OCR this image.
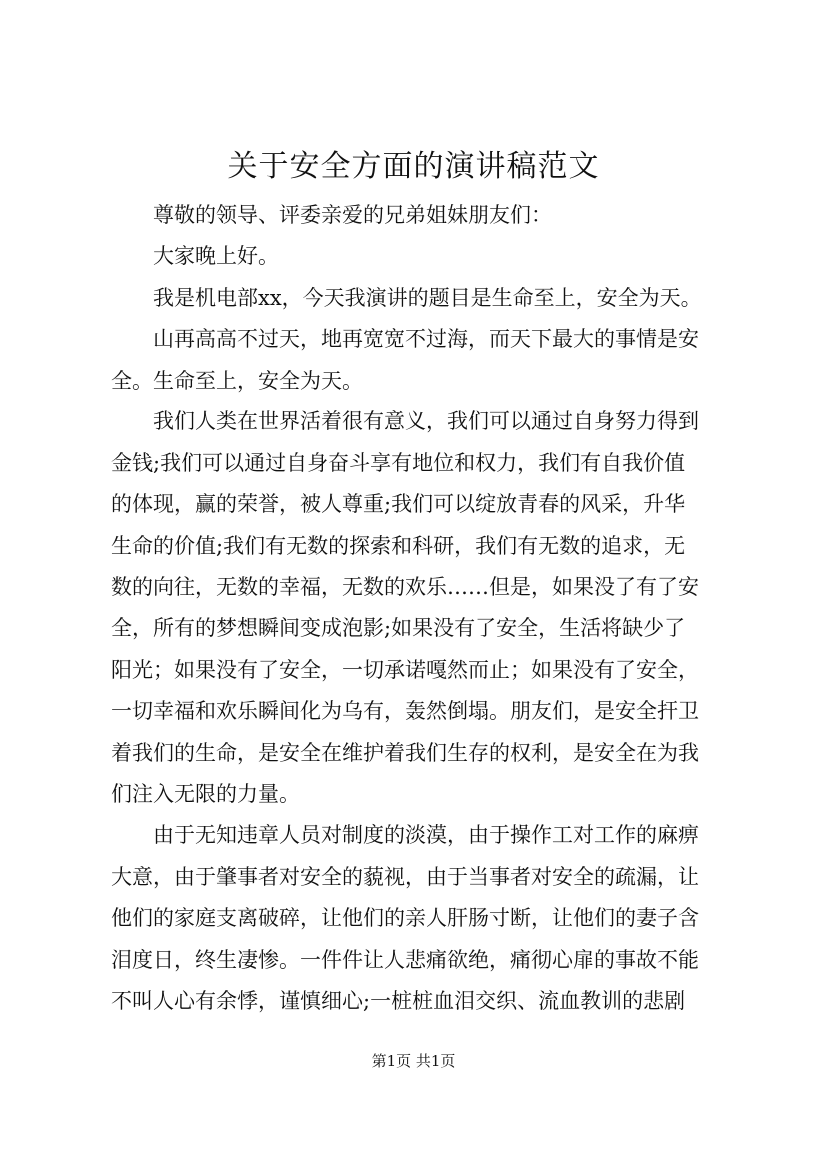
关于安全方面的演讲稿范文
　　尊敬的领导、评委亲爱的兄弟姐妹朋友们：
　　大家晚上好。
　　我是机电部xx，今天我演讲的题目是生命至上，安全为天。
　　山再高高不过天，地再宽宽不过海，而天下最大的事情是安
全。生命至上，安全为天。
　　我们人类在世界活着很有意义，我们可以通过自身努力得到
金钱;我们可以通过自身奋斗享有地位和权力，我们有自我价值
的体现，赢的荣誉，被人尊重;我们可以绽放青春的风采，升华
生命的价值;我们有无数的探索和科研，我们有无数的追求，无
数的向往，无数的幸福，无数的欢乐……但是，如果没了有了安
全，所有的梦想瞬间变成泡影;如果没有了安全，生活将缺少了
阳光；如果没有了安全，一切承诺嘎然而止；如果没有了安全，
一切幸福和欢乐瞬间化为乌有，轰然倒塌。朋友们，是安全扞卫
着我们的生命，是安全在维护着我们生存的权利，是安全在为我
们注入无限的力量。
　　由于无知违章人员对制度的淡漠，由于操作工对工作的麻痹
大意，由于肇事者对安全的藐视，由于当事者对安全的疏漏，让
他们的家庭支离破碎，让他们的亲人肝肠寸断，让他们的妻子含
泪度日，终生凄惨。一件件让人悲痛欲绝，痛彻心扉的事故不能
不叫人心有余悸，谨慎细心;一桩桩血泪交织、流血教训的悲剧
第1页 共1页
